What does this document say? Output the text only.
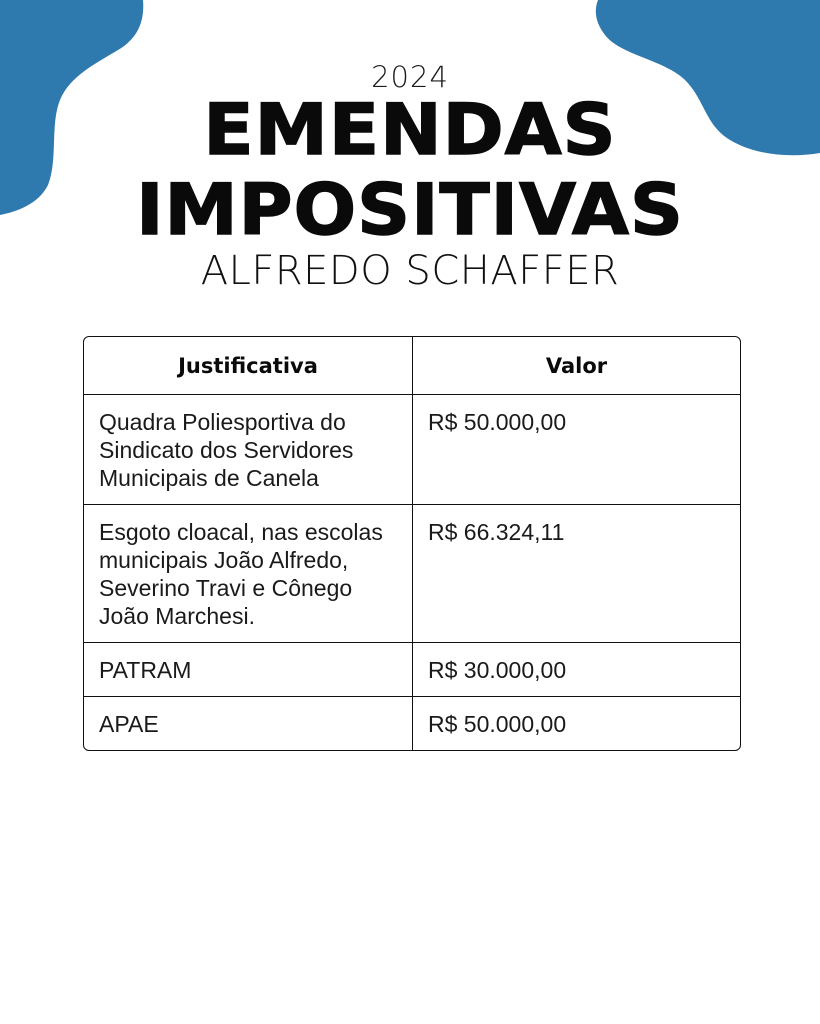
2024
EMENDAS
IMPOSITIVAS
ALFREDO SCHAFFER
Justificativa	Valor
Quadra Poliesportiva do Sindicato dos Servidores Municipais de Canela	R$ 50.000,00
Esgoto cloacal, nas escolas municipais João Alfredo, Severino Travi e Cônego João Marchesi.	R$ 66.324,11
PATRAM	R$ 30.000,00
APAE	R$ 50.000,00
